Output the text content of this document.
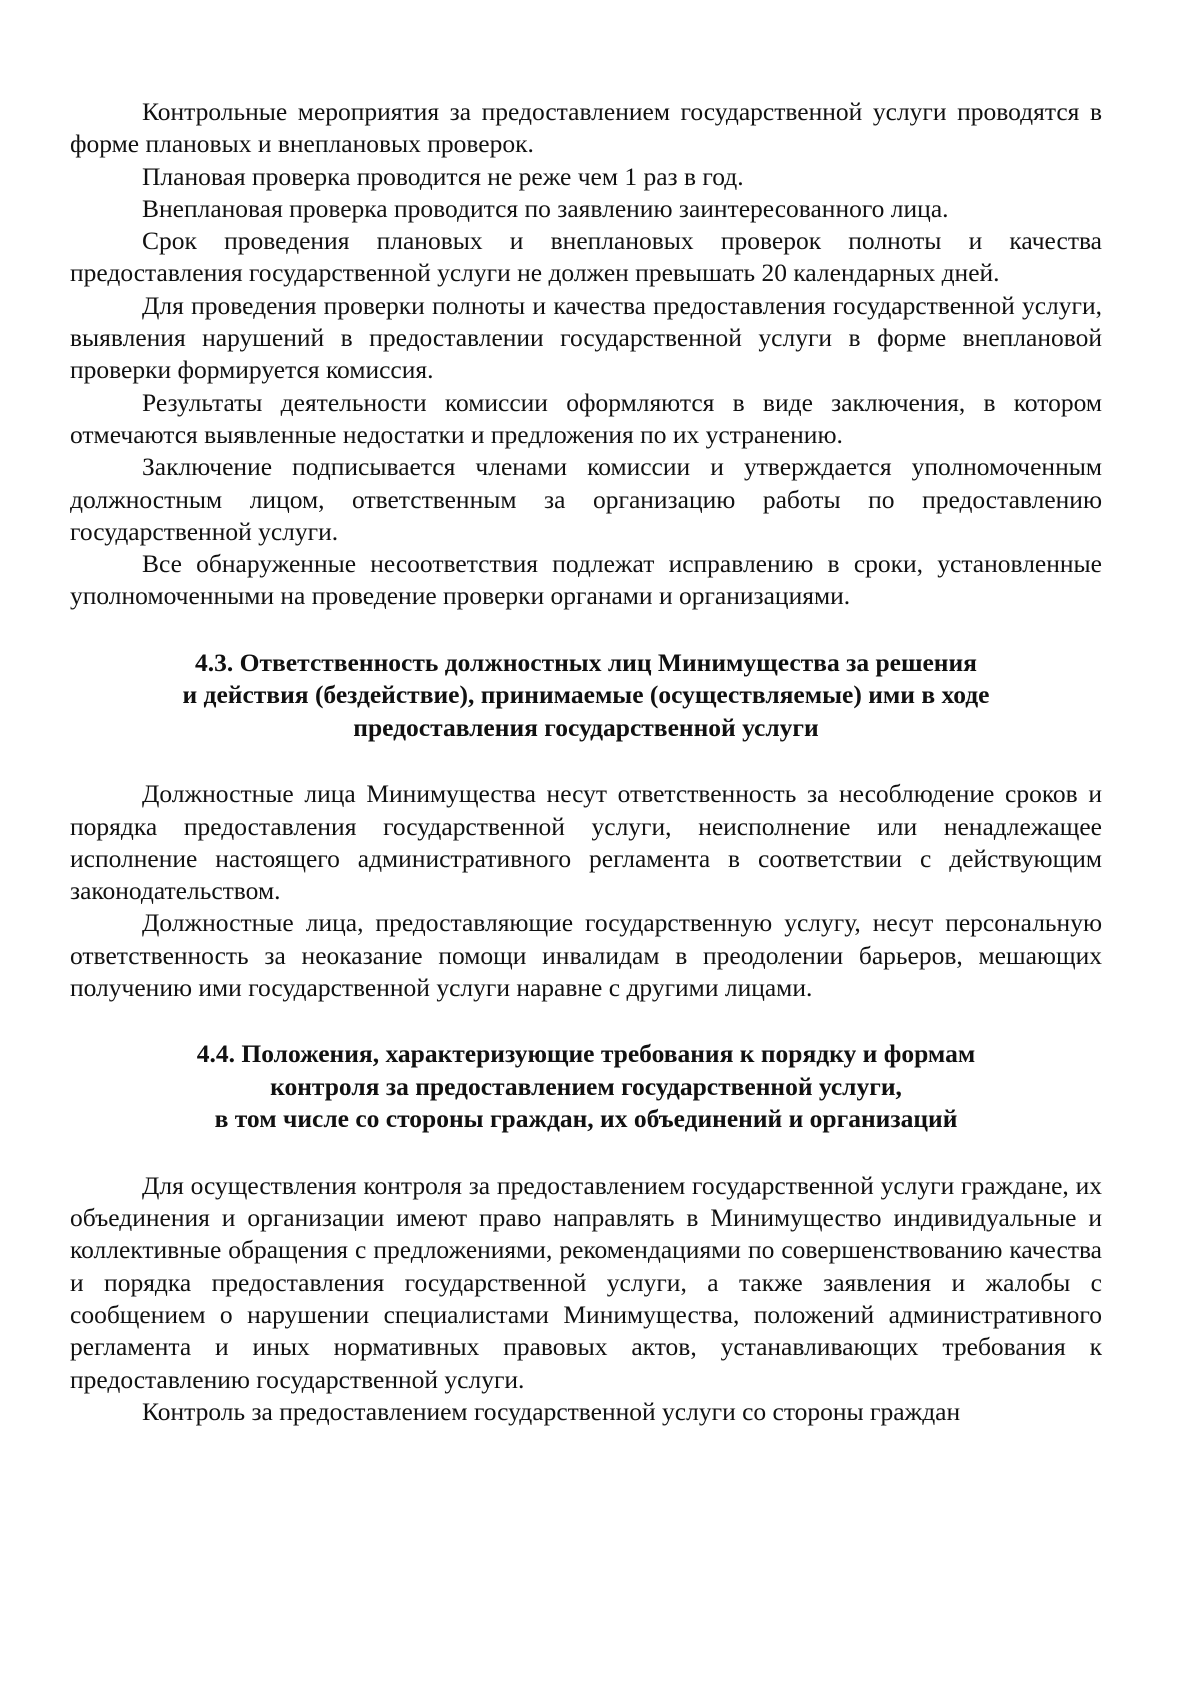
Контрольные мероприятия за предоставлением государственной услуги проводятся в форме плановых и внеплановых проверок.

Плановая проверка проводится не реже чем 1 раз в год.

Внеплановая проверка проводится по заявлению заинтересованного лица.

Срок проведения плановых и внеплановых проверок полноты и качества предоставления государственной услуги не должен превышать 20 календарных дней.

Для проведения проверки полноты и качества предоставления государственной услуги, выявления нарушений в предоставлении государственной услуги в форме внеплановой проверки формируется комиссия.

Результаты деятельности комиссии оформляются в виде заключения, в котором отмечаются выявленные недостатки и предложения по их устранению.

Заключение подписывается членами комиссии и утверждается уполномоченным должностным лицом, ответственным за организацию работы по предоставлению государственной услуги.

Все обнаруженные несоответствия подлежат исправлению в сроки, установленные уполномоченными на проведение проверки органами и организациями.

4.3. Ответственность должностных лиц Минимущества за решения
и действия (бездействие), принимаемые (осуществляемые) ими в ходе
предоставления государственной услуги

Должностные лица Минимущества несут ответственность за несоблюдение сроков и порядка предоставления государственной услуги, неисполнение или ненадлежащее исполнение настоящего административного регламента в соответствии с действующим законодательством.

Должностные лица, предоставляющие государственную услугу, несут персональную ответственность за неоказание помощи инвалидам в преодолении барьеров, мешающих получению ими государственной услуги наравне с другими лицами.

4.4. Положения, характеризующие требования к порядку и формам
контроля за предоставлением государственной услуги,
в том числе со стороны граждан, их объединений и организаций

Для осуществления контроля за предоставлением государственной услуги граждане, их объединения и организации имеют право направлять в Минимущество индивидуальные и коллективные обращения с предложениями, рекомендациями по совершенствованию качества и порядка предоставления государственной услуги, а также заявления и жалобы с сообщением о нарушении специалистами Минимущества, положений административного регламента и иных нормативных правовых актов, устанавливающих требования к предоставлению государственной услуги.

Контроль за предоставлением государственной услуги со стороны граждан
